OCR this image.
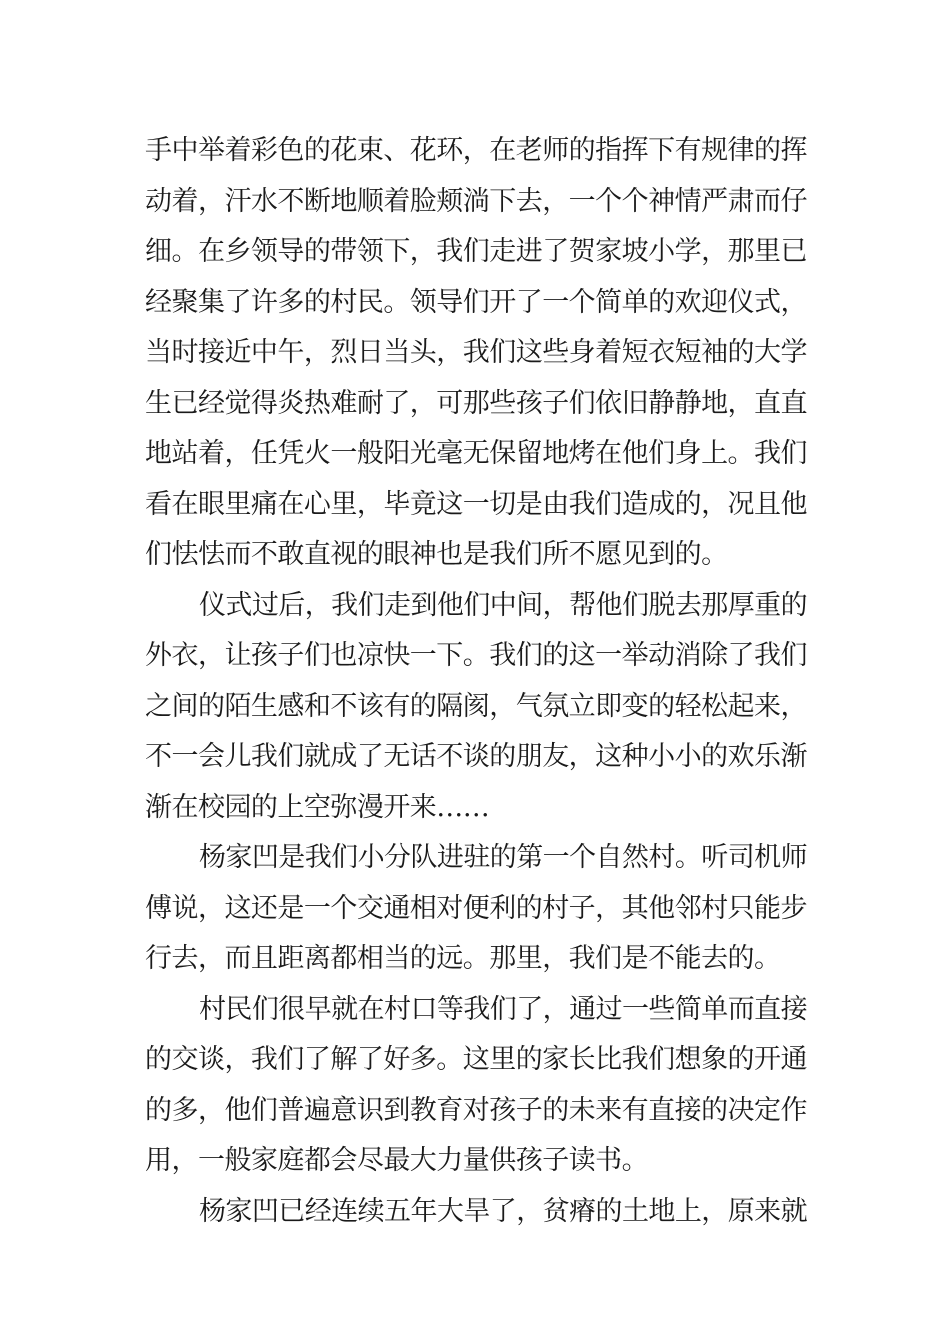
手中举着彩色的花束、花环，在老师的指挥下有规律的挥
动着，汗水不断地顺着脸颊淌下去，一个个神情严肃而仔
细。在乡领导的带领下，我们走进了贺家坡小学，那里已
经聚集了许多的村民。领导们开了一个简单的欢迎仪式，
当时接近中午，烈日当头，我们这些身着短衣短袖的大学
生已经觉得炎热难耐了，可那些孩子们依旧静静地，直直
地站着，任凭火一般阳光毫无保留地烤在他们身上。我们
看在眼里痛在心里，毕竟这一切是由我们造成的，况且他
们怯怯而不敢直视的眼神也是我们所不愿见到的。
仪式过后，我们走到他们中间，帮他们脱去那厚重的
外衣，让孩子们也凉快一下。我们的这一举动消除了我们
之间的陌生感和不该有的隔阂，气氛立即变的轻松起来，
不一会儿我们就成了无话不谈的朋友，这种小小的欢乐渐
渐在校园的上空弥漫开来……
杨家凹是我们小分队进驻的第一个自然村。听司机师
傅说，这还是一个交通相对便利的村子，其他邻村只能步
行去，而且距离都相当的远。那里，我们是不能去的。
村民们很早就在村口等我们了，通过一些简单而直接
的交谈，我们了解了好多。这里的家长比我们想象的开通
的多，他们普遍意识到教育对孩子的未来有直接的决定作
用，一般家庭都会尽最大力量供孩子读书。
杨家凹已经连续五年大旱了，贫瘠的土地上，原来就
